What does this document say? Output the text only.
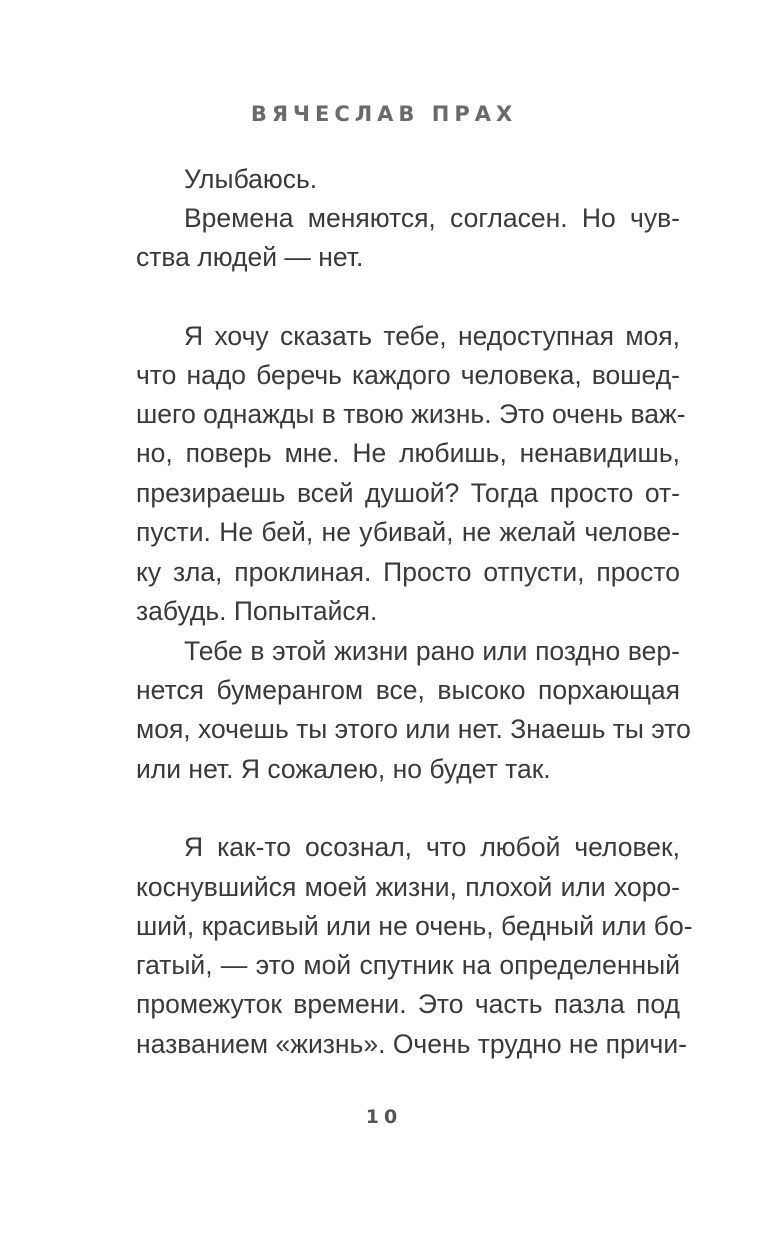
ВЯЧЕСЛАВ ПРАХ
Улыбаюсь.
Времена меняются, согласен. Но чув-
ства людей — нет.
Я хочу сказать тебе, недоступная моя,
что надо беречь каждого человека, вошед-
шего однажды в твою жизнь. Это очень важ-
но, поверь мне. Не любишь, ненавидишь,
презираешь всей душой? Тогда просто от-
пусти. Не бей, не убивай, не желай челове-
ку зла, проклиная. Просто отпусти, просто
забудь. Попытайся.
Тебе в этой жизни рано или поздно вер-
нется бумерангом все, высоко порхающая
моя, хочешь ты этого или нет. Знаешь ты это
или нет. Я сожалею, но будет так.
Я как-то осознал, что любой человек,
коснувшийся моей жизни, плохой или хоро-
ший, красивый или не очень, бедный или бо-
гатый, — это мой спутник на определенный
промежуток времени. Это часть пазла под
названием «жизнь». Очень трудно не причи-
10
